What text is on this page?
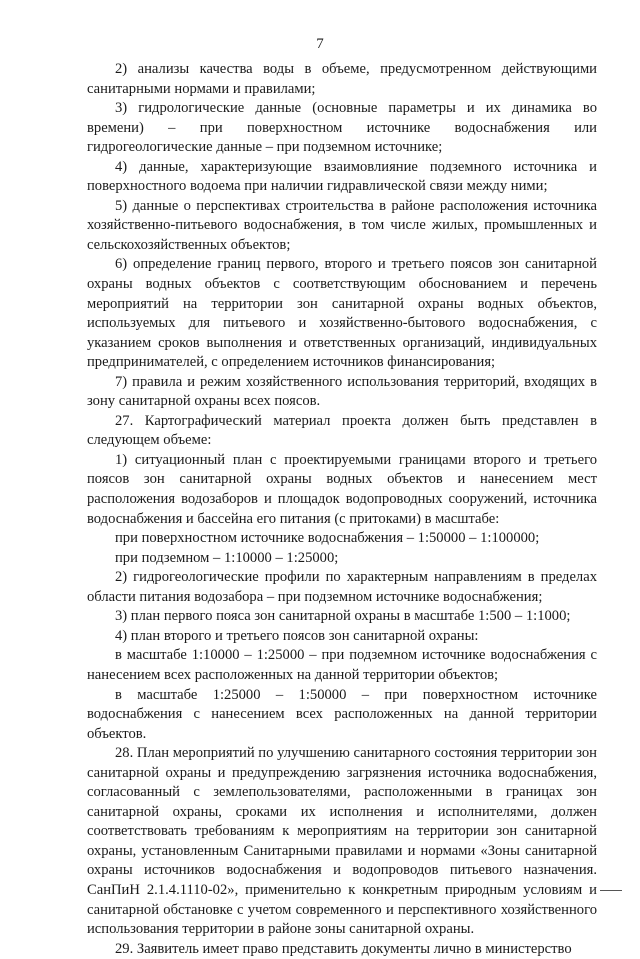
7

2) анализы качества воды в объеме, предусмотренном действующими санитарными нормами и правилами;

3) гидрологические данные (основные параметры и их динамика во времени) – при поверхностном источнике водоснабжения или гидрогеологические данные – при подземном источнике;

4) данные, характеризующие взаимовлияние подземного источника и поверхностного водоема при наличии гидравлической связи между ними;

5) данные о перспективах строительства в районе расположения источника хозяйственно-питьевого водоснабжения, в том числе жилых, промышленных и сельскохозяйственных объектов;

6) определение границ первого, второго и третьего поясов зон санитарной охраны водных объектов с соответствующим обоснованием и перечень мероприятий на территории зон санитарной охраны водных объектов, используемых для питьевого и хозяйственно-бытового водоснабжения, с указанием сроков выполнения и ответственных организаций, индивидуальных предпринимателей, с определением источников финансирования;

7) правила и режим хозяйственного использования территорий, входящих в зону санитарной охраны всех поясов.

27. Картографический материал проекта должен быть представлен в следующем объеме:

1) ситуационный план с проектируемыми границами второго и третьего поясов зон санитарной охраны водных объектов и нанесением мест расположения водозаборов и площадок водопроводных сооружений, источника водоснабжения и бассейна его питания (с притоками) в масштабе:

при поверхностном источнике водоснабжения – 1:50000 – 1:100000;

при подземном – 1:10000 – 1:25000;

2) гидрогеологические профили по характерным направлениям в пределах области питания водозабора – при подземном источнике водоснабжения;

3) план первого пояса зон санитарной охраны в масштабе 1:500 – 1:1000;

4) план второго и третьего поясов зон санитарной охраны:

в масштабе 1:10000 – 1:25000 – при подземном источнике водоснабжения с нанесением всех расположенных на данной территории объектов;

в масштабе 1:25000 – 1:50000 – при поверхностном источнике водоснабжения с нанесением всех расположенных на данной территории объектов.

28. План мероприятий по улучшению санитарного состояния территории зон санитарной охраны и предупреждению загрязнения источника водоснабжения, согласованный с землепользователями, расположенными в границах зон санитарной охраны, сроками их исполнения и исполнителями, должен соответствовать требованиям к мероприятиям на территории зон санитарной охраны, установленным Санитарными правилами и нормами «Зоны санитарной охраны источников водоснабжения и водопроводов питьевого назначения. СанПиН 2.1.4.1110-02», применительно к конкретным природным условиям и санитарной обстановке с учетом современного и перспективного хозяйственного использования территории в районе зоны санитарной охраны.

29. Заявитель имеет право представить документы лично в министерство
